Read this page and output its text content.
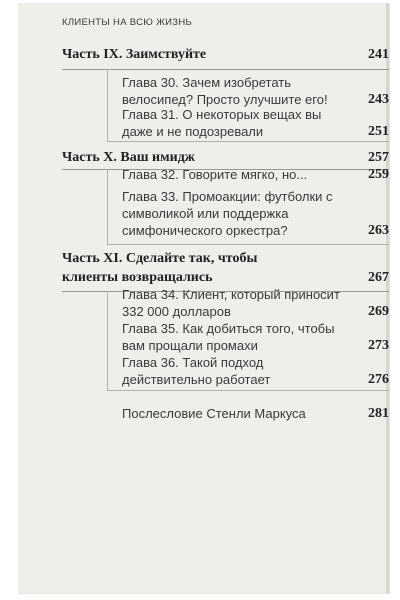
КЛИЕНТЫ НА ВСЮ ЖИЗНЬ
Часть IX. Заимствуйте	241
Глава 30. Зачем изобретать велосипед? Просто улучшите его!	243
Глава 31. О некоторых вещах вы даже и не подозревали	251
Часть X. Ваш имидж	257
Глава 32. Говорите мягко, но...	259
Глава 33. Промоакции: футболки с символикой или поддержка симфонического оркестра?	263
Часть XI. Сделайте так, чтобы клиенты возвращались	267
Глава 34. Клиент, который приносит 332 000 долларов	269
Глава 35. Как добиться того, чтобы вам прощали промахи	273
Глава 36. Такой подход действительно работает	276
Послесловие Стенли Маркуса	281
